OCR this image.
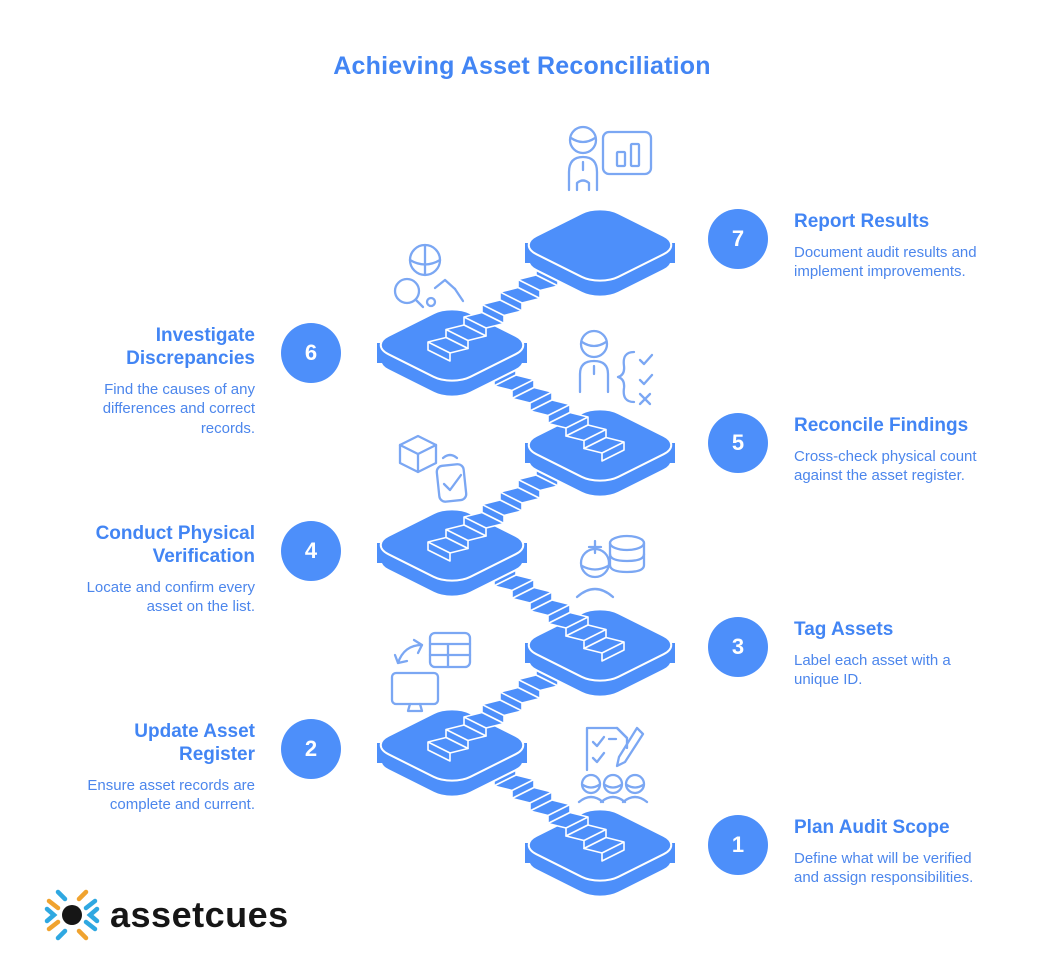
Achieving Asset Reconciliation
7
Report Results
Document audit results and implement improvements.
Investigate Discrepancies
Find the causes of any differences and correct records.
6
5
Reconcile Findings
Cross-check physical count against the asset register.
Conduct Physical Verification
Locate and confirm every asset on the list.
4
3
Tag Assets
Label each asset with a unique ID.
Update Asset Register
Ensure asset records are complete and current.
2
1
Plan Audit Scope
Define what will be verified and assign responsibilities.
assetcues
